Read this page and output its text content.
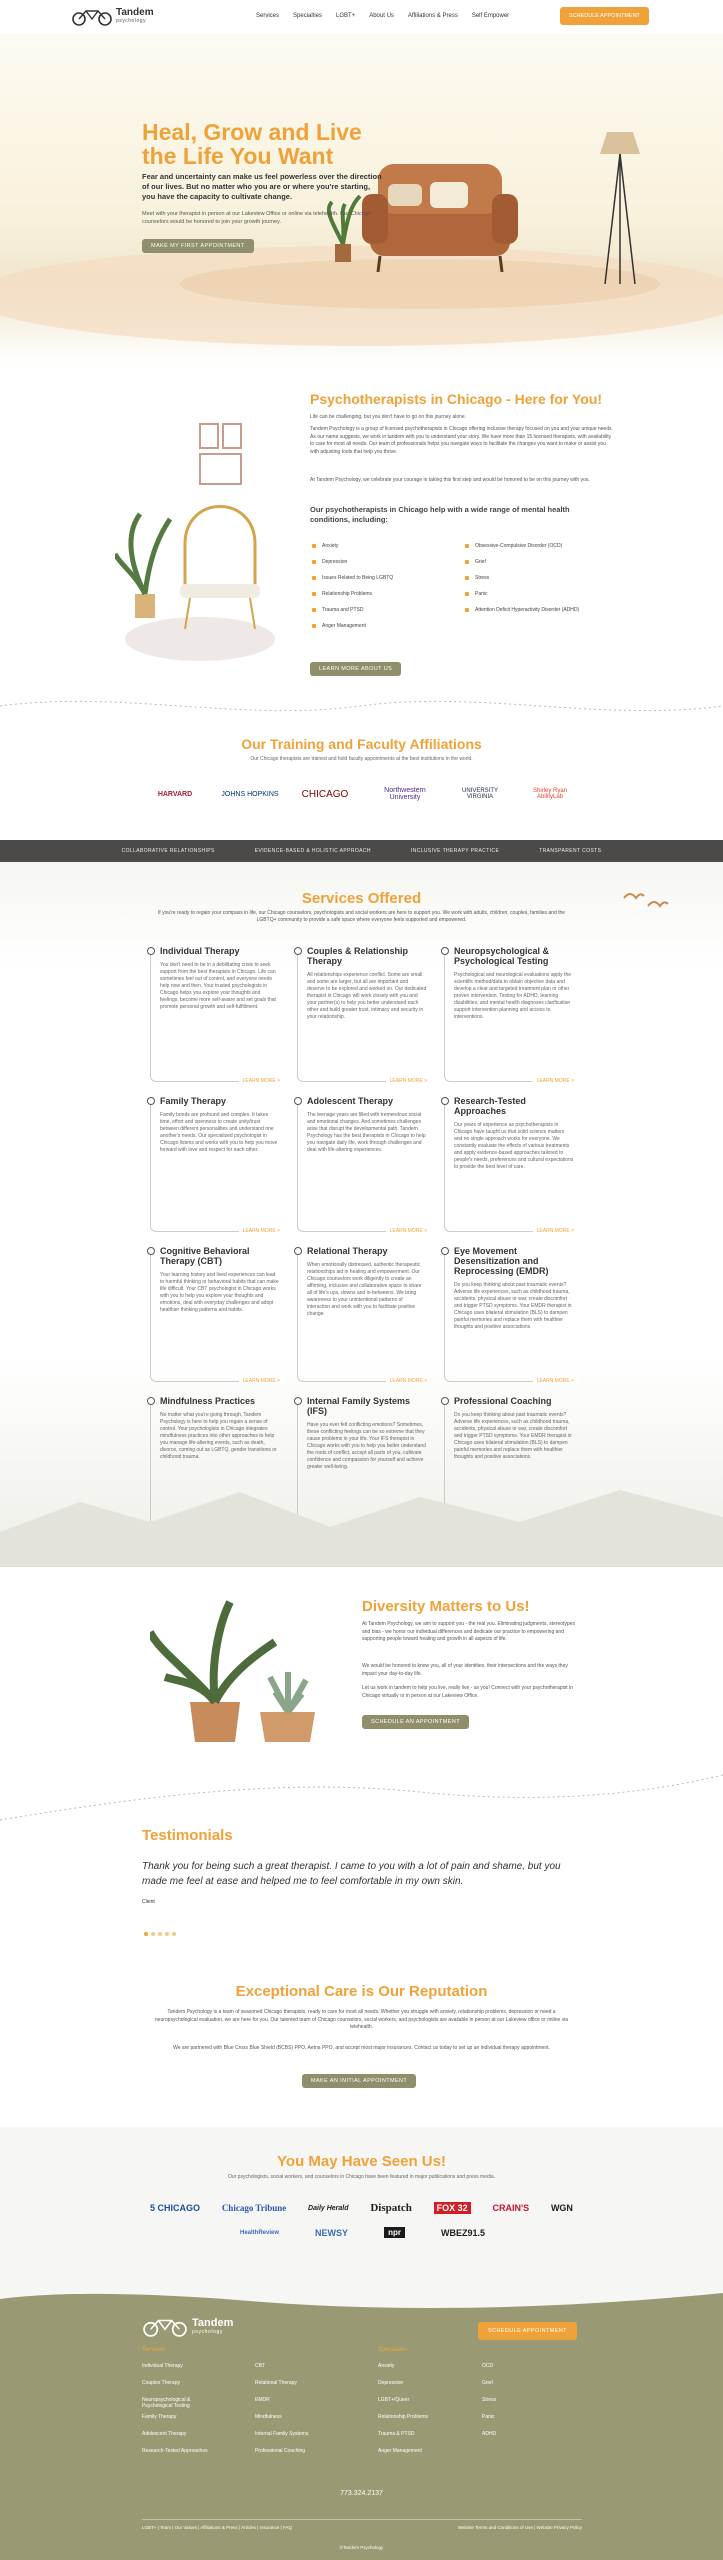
Tandem
psychology
Services Specialties LGBT+ About Us Affiliations & Press Self Empower	SCHEDULE APPOINTMENT
Heal, Grow and Live the Life You Want
Fear and uncertainty can make us feel powerless over the direction of our lives. But no matter who you are or where you're starting, you have the capacity to cultivate change.
Meet with your therapist in person at our Lakeview Office or online via telehealth. Our Chicago counselors would be honored to join your growth journey.
MAKE MY FIRST APPOINTMENT
Psychotherapists in Chicago - Here for You!
Life can be challenging, but you don't have to go on this journey alone.
Tandem Psychology is a group of licensed psychotherapists in Chicago offering inclusive therapy focused on you and your unique needs. As our name suggests, we work in tandem with you to understand your story. We have more than 15 licensed therapists, with availability to care for most all needs. Our team of professionals helps you navigate ways to facilitate the changes you want to make or assist you with adjusting tools that help you thrive.
At Tandem Psychology, we celebrate your courage in taking this first step and would be honored to be on this journey with you.
Our psychotherapists in Chicago help with a wide range of mental health conditions, including:
Anxiety
Depression
Issues Related to Being LGBTQ
Relationship Problems
Trauma and PTSD
Anger Management
Obsessive-Compulsive Disorder (OCD)
Grief
Stress
Panic
Attention Deficit Hyperactivity Disorder (ADHD)
LEARN MORE ABOUT US
Our Training and Faculty Affiliations
Our Chicago therapists are trained and hold faculty appointments at the best institutions in the world.
HARVARD	JOHNS HOPKINS	CHICAGO	Northwestern University
UNIVERSITY VIRGINIA
Shirley Ryan AbilityLab
COLLABORATIVE RELATIONSHIPS	EVIDENCE-BASED & HOLISTIC APPROACH	INCLUSIVE THERAPY PRACTICE	TRANSPARENT COSTS
Services Offered
If you're ready to regain your compass in life, our Chicago counselors, psychologists and social workers are here to support you. We work with adults, children, couples, families and the LGBTQ+ community to provide a safe space where everyone feels supported and empowered.
Individual Therapy

You don't need to be in a debilitating crisis to seek support from the best therapists in Chicago. Life can sometimes feel out of control, and everyone needs help now and then. Your trusted psychologists in Chicago helps you explore your thoughts and feelings, become more self-aware and set goals that promote personal growth and self-fulfillment.

LEARN MORE >
Couples & Relationship Therapy

All relationships experience conflict. Some are small and some are larger, but all are important and deserve to be explored and worked on. Our dedicated therapist in Chicago will work closely with you and your partner(s) to help you better understand each other and build greater trust, intimacy and security in your relationship.

LEARN MORE >
Neuropsychological & Psychological Testing

Psychological and neurological evaluations apply the scientific method/data to obtain objective data and develop a clear and targeted treatment plan or other proven intervention. Testing for ADHD, learning disabilities, and mental health diagnoses clarification support intervention planning and access to interventions.

LEARN MORE >
Family Therapy

Family bonds are profound and complex. It takes time, effort and openness to create unity/trust between different personalities and understand one another's needs. Our specialized psychologist in Chicago listens and works with you to help you move forward with love and respect for each other.

LEARN MORE >
Adolescent Therapy

The teenage years are filled with tremendous social and emotional changes. And sometimes challenges arise that disrupt the developmental path. Tandem Psychology has the best therapists in Chicago to help you navigate daily life, work through challenges and deal with life-altering experiences.

LEARN MORE >
Research-Tested Approaches

Our years of experience as psychotherapists in Chicago have taught us that solid science matters and no single approach works for everyone. We constantly evaluate the effects of various treatments and apply evidence-based approaches tailored to people's needs, preferences and cultural expectations to provide the best level of care.

LEARN MORE >
Cognitive Behavioral Therapy (CBT)

Your learning history and lived experiences can lead to harmful thinking or behavioral habits that can make life difficult. Your CBT psychologist in Chicago works with you to help you explore your thoughts and emotions, deal with everyday challenges and adopt healthier thinking patterns and habits.

LEARN MORE >
Relational Therapy

When emotionally distressed, authentic therapeutic relationships aid in healing and empowerment. Our Chicago counselors work diligently to create an affirming, inclusive and collaborative space to share all of life's ups, downs and in-betweens. We bring awareness to your unintentional patterns of interaction and work with you to facilitate positive change.

LEARN MORE >
Eye Movement Desensitization and Reprocessing (EMDR)

Do you keep thinking about past traumatic events? Adverse life experiences, such as childhood trauma, accidents, physical abuse or war, create discomfort and trigger PTSD symptoms. Your EMDR therapist in Chicago uses bilateral stimulation (BLS) to dampen painful memories and replace them with healthier thoughts and positive associations.

LEARN MORE >
Mindfulness Practices

No matter what you're going through, Tandem Psychology is here to help you regain a sense of control. Your psychologists in Chicago integrates mindfulness practices into other approaches to help you manage life-altering events, such as death, divorce, coming out as LGBTQ, gender transitions or childhood trauma.

Internal Family Systems (IFS)

Have you ever felt conflicting emotions? Sometimes, these conflicting feelings can be so extreme that they cause problems in your life. Your IFS therapist in Chicago works with you to help you better understand the roots of conflict, accept all parts of you, cultivate confidence and compassion for yourself and achieve greater well-being.

Professional Coaching

Do you keep thinking about past traumatic events? Adverse life experiences, such as childhood trauma, accidents, physical abuse or war, create discomfort and trigger PTSD symptoms. Your EMDR therapist in Chicago uses bilateral stimulation (BLS) to dampen painful memories and replace them with healthier thoughts and positive associations.

Diversity Matters to Us!
At Tandem Psychology, we aim to support you - the real you. Eliminating judgments, stereotypes and bias - we honor our individual differences and dedicate our practice to empowering and supporting people toward healing and growth in all aspects of life.
We would be honored to know you, all of your identities, their intersections and the ways they impact your day-to-day life.
Let us work in tandem to help you live, really live - as you! Connect with your psychotherapist in Chicago virtually or in person at our Lakeview Office.
SCHEDULE AN APPOINTMENT
Testimonials
Thank you for being such a great therapist. I came to you with a lot of pain and shame, but you made me feel at ease and helped me to feel comfortable in my own skin.
Client
Exceptional Care is Our Reputation
Tandem Psychology is a team of seasoned Chicago therapists, ready to care for most all needs. Whether you struggle with anxiety, relationship problems, depression or need a neuropsychological evaluation, we are here for you. Our talented team of Chicago counselors, social workers, and psychologists are available in person at our Lakeview office or online via telehealth.
We are partnered with Blue Cross Blue Shield (BCBS) PPO, Aetna PPO, and accept most major insurances. Contact us today to set up an individual therapy appointment.
MAKE AN INITIAL APPOINTMENT
You May Have Seen Us!
Our psychologists, social workers, and counselors in Chicago have been featured in major publications and press media.
5 CHICAGO Chicago Tribune	Daily Herald Dispatch	FOX 32	CRAIN'S WGN
HealthReview	NEWSY	npr	WBEZ91.5
Tandem
psychology	SCHEDULE APPOINTMENT
Services
Individual Therapy
Couples Therapy
Neuropsychological & Psychological Testing
Family Therapy
Adolescent Therapy
Research-Tested Approaches
CBT
Relational Therapy
EMDR
Mindfulness
Internal Family Systems
Professional Coaching
Specialties
Anxiety
Depression
LGBT+/Queer
Relationship Problems
Trauma & PTSD
Anger Management
OCD
Grief
Stress
Panic
ADHD
773.324.2137
LGBT+ | Team | Our Values | Affiliations & Press | Articles | Insurance | FAQ	Website Terms and Conditions of Use | Website Privacy Policy
©Tandem Psychology
